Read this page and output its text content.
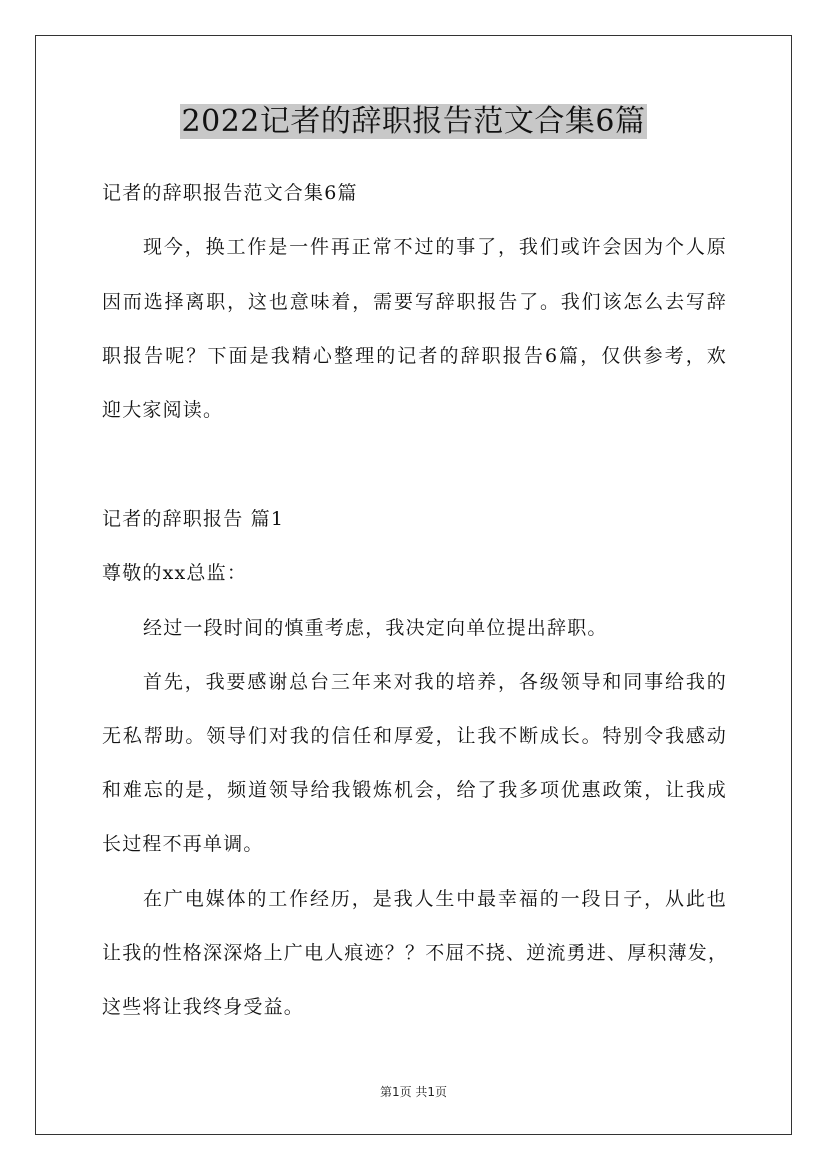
2022记者的辞职报告范文合集6篇
记者的辞职报告范文合集6篇
现今，换工作是一件再正常不过的事了，我们或许会因为个人原
因而选择离职，这也意味着，需要写辞职报告了。我们该怎么去写辞
职报告呢？下面是我精心整理的记者的辞职报告6篇，仅供参考，欢
迎大家阅读。
记者的辞职报告 篇1
尊敬的xx总监：
经过一段时间的慎重考虑，我决定向单位提出辞职。
首先，我要感谢总台三年来对我的培养，各级领导和同事给我的
无私帮助。领导们对我的信任和厚爱，让我不断成长。特别令我感动
和难忘的是，频道领导给我锻炼机会，给了我多项优惠政策，让我成
长过程不再单调。
在广电媒体的工作经历，是我人生中最幸福的一段日子，从此也
让我的性格深深烙上广电人痕迹？？不屈不挠、逆流勇进、厚积薄发，
这些将让我终身受益。
第1页 共1页
